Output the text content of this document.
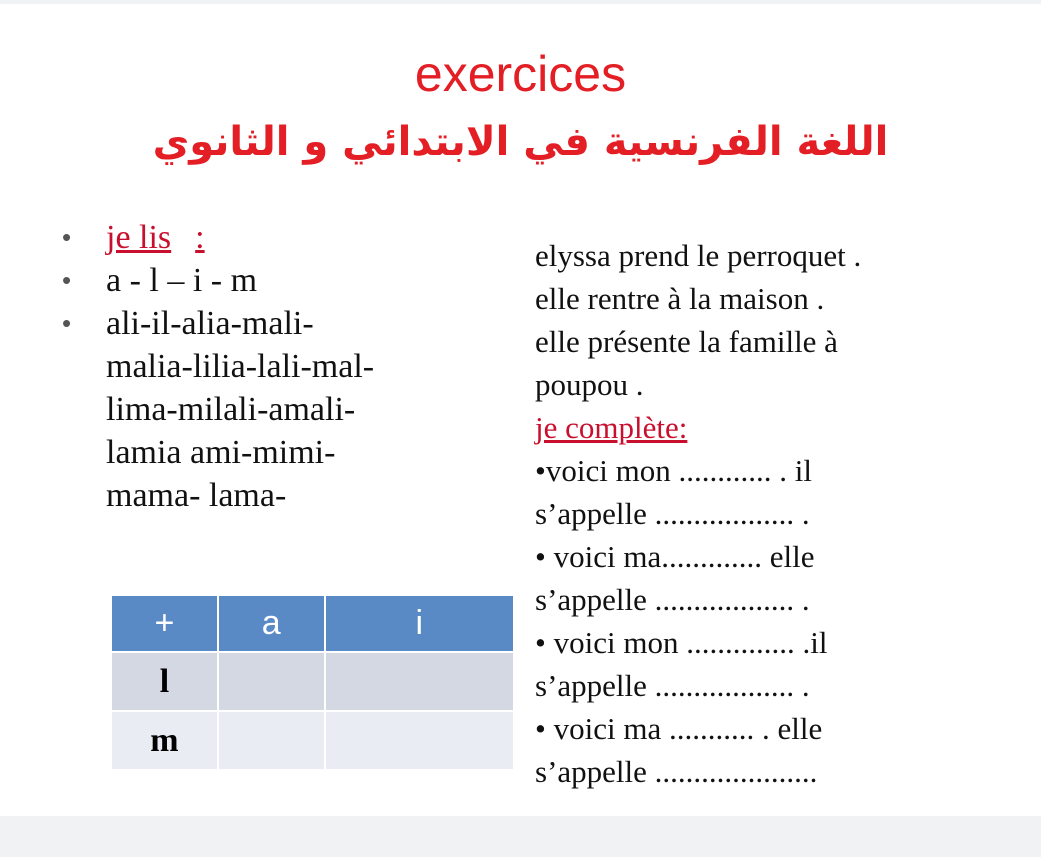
exercices
اللغة الفرنسية في الابتدائي و الثانوي
• je lis :
• a - l – i - m
• ali-il-alia-mali-
malia-lilia-lali-mal-
lima-milali-amali-
lamia ami-mimi-
mama- lama-
+	a	i
l		
m		
elyssa prend le perroquet .
elle rentre à la maison .
elle présente la famille à
poupou .
je complète:
•voici mon ............ . il
s’appelle .................. .
• voici ma............. elle
s’appelle .................. .
• voici mon .............. .il
s’appelle .................. .
• voici ma ........... . elle
s’appelle .....................
